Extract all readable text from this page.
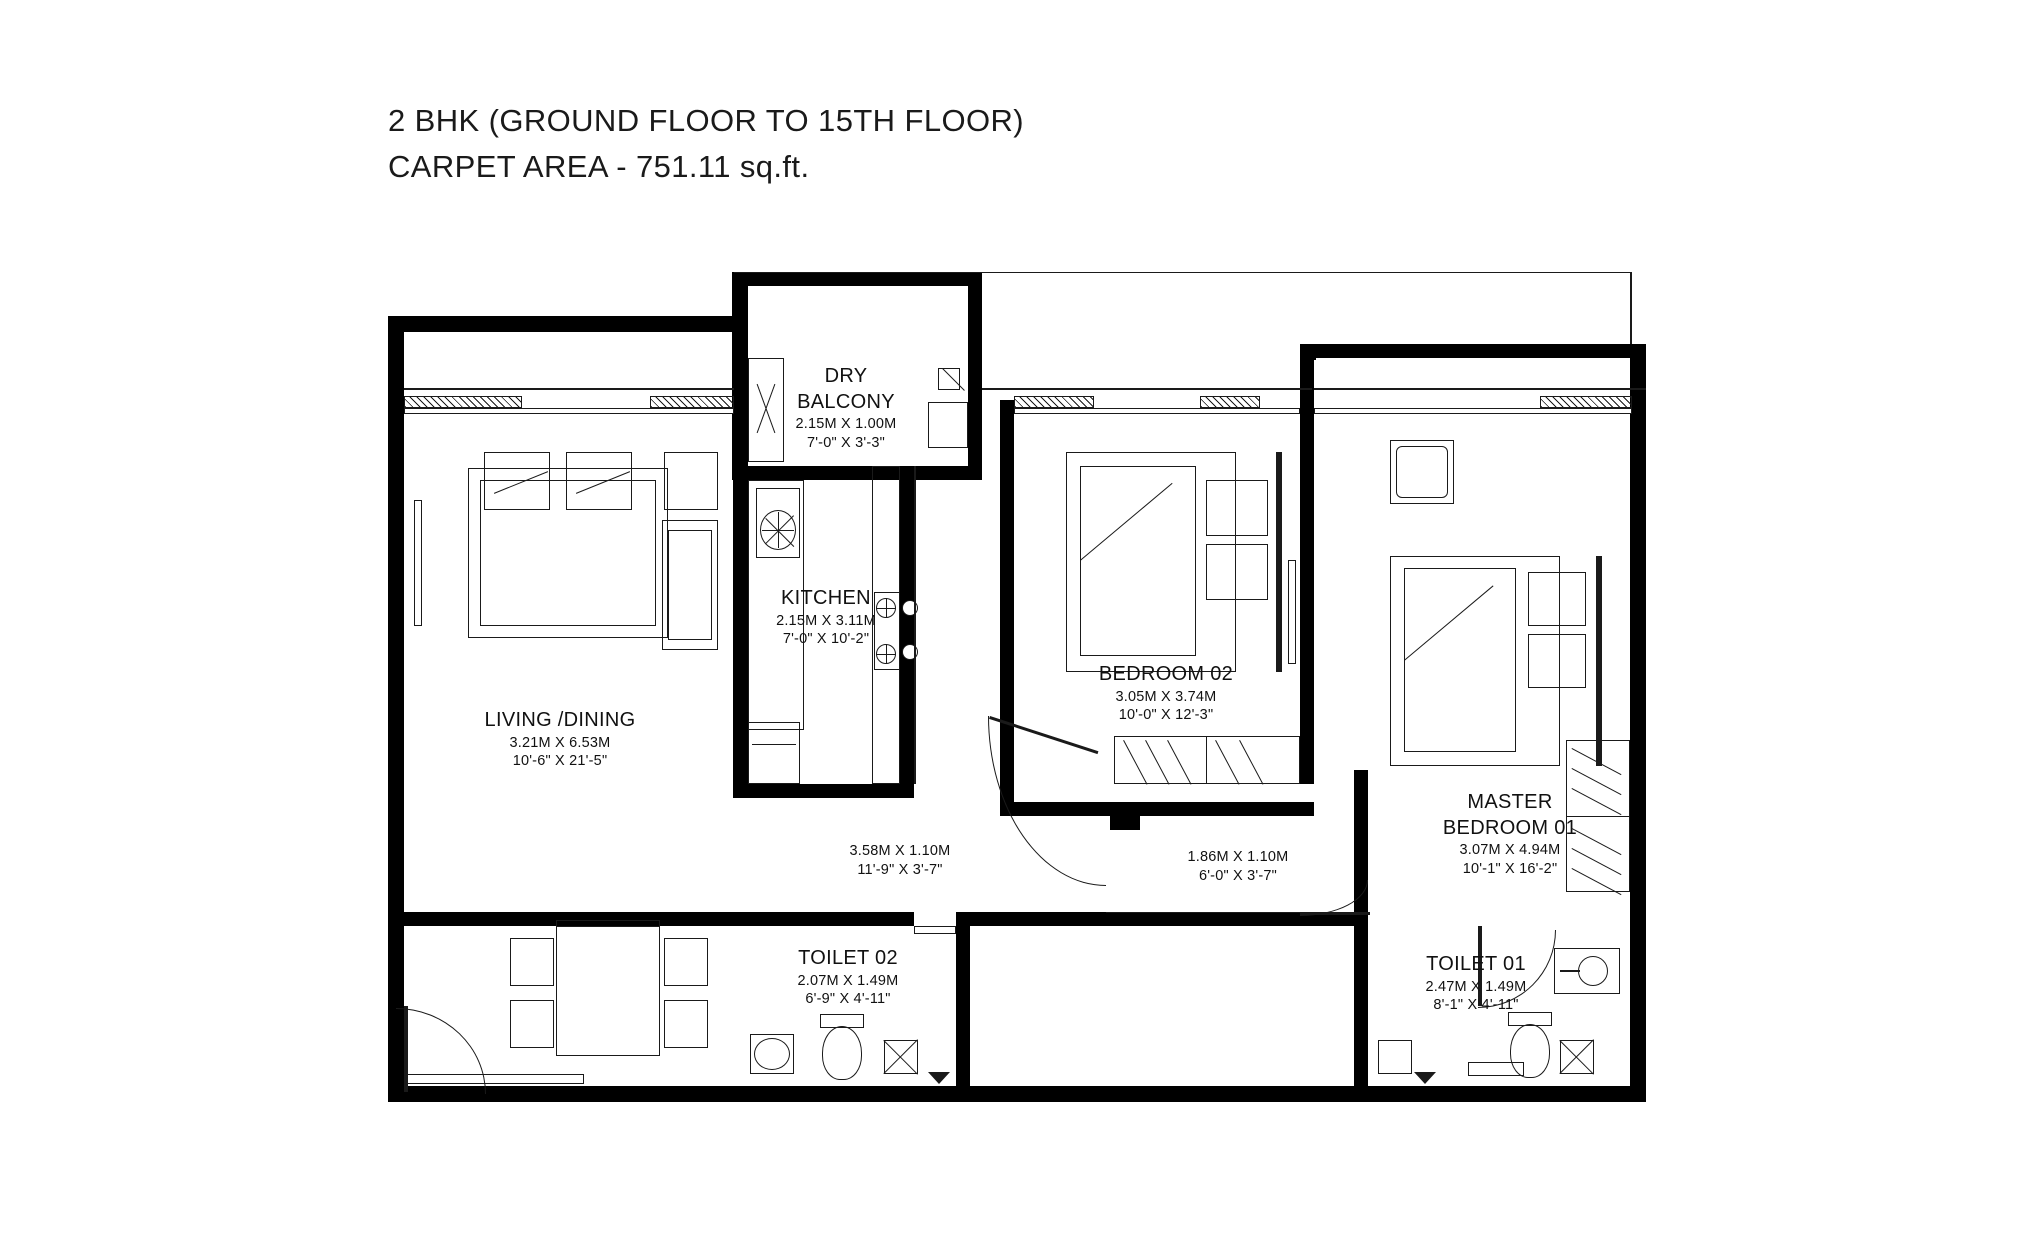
2 BHK (GROUND FLOOR TO 15TH FLOOR)
CARPET AREA - 751.11 sq.ft.
DRY
BALCONY
2.15M X 1.00M
7'-0" X 3'-3"
KITCHEN
2.15M X 3.11M
7'-0" X 10'-2"
LIVING /DINING
3.21M X 6.53M
10'-6" X 21'-5"
BEDROOM 02
3.05M X 3.74M
10'-0" X 12'-3"
MASTER
BEDROOM 01
3.07M X 4.94M
10'-1" X 16'-2"
TOILET 02
2.07M X 1.49M
6'-9" X 4'-11"
TOILET 01
2.47M X 1.49M
8'-1" X 4'-11"
3.58M X 1.10M
11'-9" X 3'-7"
1.86M X 1.10M
6'-0" X 3'-7"
